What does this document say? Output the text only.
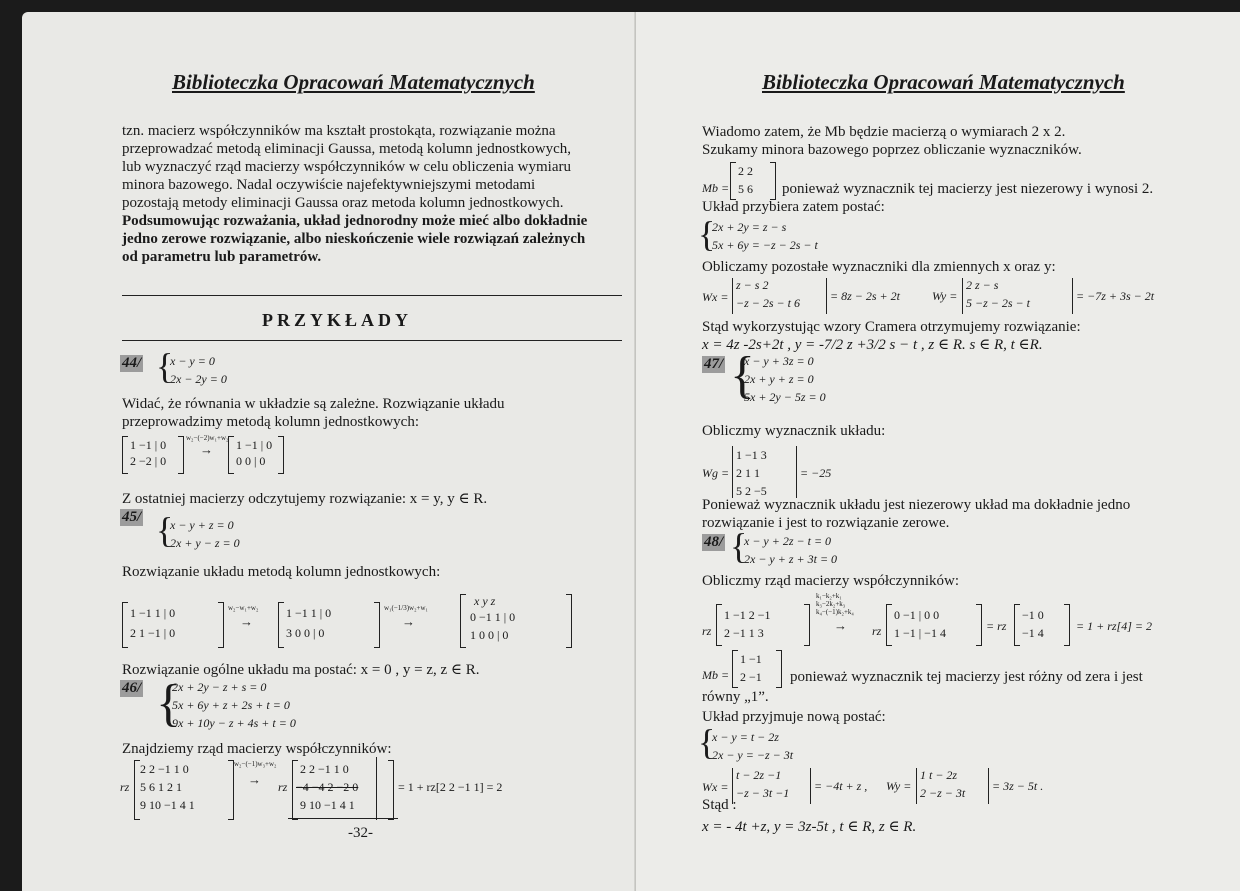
Biblioteczka Opracowań Matematycznych
tzn. macierz współczynników ma kształt prostokąta, rozwiązanie można
przeprowadzać metodą eliminacji Gaussa, metodą kolumn jednostkowych,
lub wyznaczyć rząd macierzy współczynników w celu obliczenia wymiaru
minora bazowego. Nadal oczywiście najefektywniejszymi metodami
pozostają metody eliminacji Gaussa oraz metoda kolumn jednostkowych.
Podsumowując rozważania, układ jednorodny może mieć albo dokładnie
jedno zerowe rozwiązanie, albo nieskończenie wiele rozwiązań zależnych
od parametru lub parametrów.
PRZYKŁADY
44/ {
x − y = 0
2x − 2y = 0
Widać, że równania w układzie są zależne. Rozwiązanie układu
przeprowadzimy metodą kolumn jednostkowych:
1 −1 | 0
2 −2 | 0
w₂−(−2)w₁+w₂
→ 1 −1 | 0
0 0 | 0
Z ostatniej macierzy odczytujemy rozwiązanie: x = y, y ∈ R.
45/ {
x − y + z = 0
2x + y − z = 0
Rozwiązanie układu metodą kolumn jednostkowych:
1 −1 1 | 0
2 1 −1 | 0
w₂−w₁+w₂
→
1 −1 1 | 0
3 0 0 | 0
w₁(−1/3)w₂+w₁
→
x y z
0 −1 1 | 0
1 0 0 | 0
Rozwiązanie ogólne układu ma postać: x = 0 , y = z, z ∈ R.
46/ {
2x + 2y − z + s = 0
5x + 6y + z + 2s + t = 0
9x + 10y − z + 4s + t = 0
Znajdziemy rząd macierzy współczynników:
rz
2 2 −1 1 0
5 6 1 2 1
9 10 −1 4 1
w₂−(−1)w₃+w₂
→ rz
2 2 −1 1 0
−4 −4 2 −2 0
9 10 −1 4 1
= 1 + rz[2 2 −1 1] = 2
-32-
Biblioteczka Opracowań Matematycznych
Wiadomo zatem, że Mb będzie macierzą o wymiarach 2 x 2.
Szukamy minora bazowego poprzez obliczanie wyznaczników.
Mb =
2 2
5 6 ponieważ wyznacznik tej macierzy jest niezerowy i wynosi 2.
Układ przybiera zatem postać:
{
2x + 2y = z − s
5x + 6y = −z − 2s − t
Obliczamy pozostałe wyznaczniki dla zmiennych x oraz y:
Wx =
z − s 2
−z − 2s − t 6	= 8z − 2s + 2t	Wy =
2 z − s
5 −z − 2s − t	= −7z + 3s − 2t
Stąd wykorzystując wzory Cramera otrzymujemy rozwiązanie:
x = 4z -2s+2t , y = -7/2 z +3/2 s − t , z ∈ R. s ∈ R, t ∈R.
47/ {
x − y + 3z = 0
2x + y + z = 0
5x + 2y − 5z = 0
Obliczmy wyznacznik układu:
Wg =
1 −1 3
2 1 1
5 2 −5
= −25
Ponieważ wyznacznik układu jest niezerowy układ ma dokładnie jedno
rozwiązanie i jest to rozwiązanie zerowe.
48/ {
x − y + 2z − t = 0
2x − y + z + 3t = 0
Obliczmy rząd macierzy współczynników:
rz
1 −1 2 −1
2 −1 1 3
k₁−k₂+k₁
k₃−2k₂+k₃
k₄−(−1)k₂+k₄
→ rz
0 −1 | 0 0
1 −1 | −1 4	= rz
−1 0
−1 4	= 1 + rz[4] = 2
Mb =
1 −1
2 −1 ponieważ wyznacznik tej macierzy jest różny od zera i jest
równy „1”.
Układ przyjmuje nową postać:
{
x − y = t − 2z
2x − y = −z − 3t
Wx =
t − 2z −1
−z − 3t −1 = −4t + z , Wy =
1 t − 2z
2 −z − 3t = 3z − 5t .
Stąd :
x = - 4t +z, y = 3z-5t , t ∈ R, z ∈ R.
